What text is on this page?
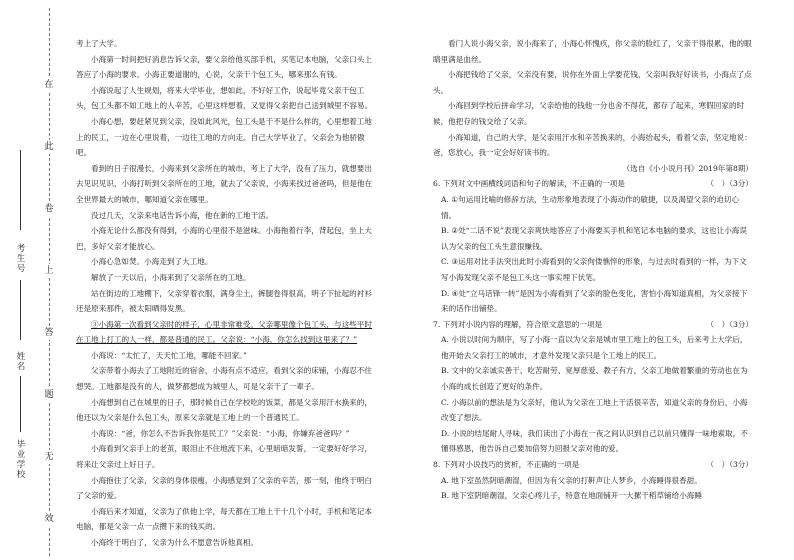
在
此
卷
上
答
题
无
效
考生号
姓名
毕业学校

考上了大学。

小海第一时间把好消息告诉父亲，要父亲给他买部手机，买笔记本电脑，父亲口头上答应了小海的要求。小海正要道谢的，心说，父亲干个包工头，哪来那么有钱。

小海说起了人生规划，将来大学毕业，想如此，不好好工作，说起毕竟父亲干包工头，包工头都不如工地上的人辛苦，心里这样想着，又觉得父亲把自己送到城里不容易。

小海心想，要赶紧见到父亲，没如此风光，包工头是干不是什么样的，心里想着工地上的民工，一边在心里说着，一边往工地的方向走。自己大学毕业了，父亲会为他骄傲吧。

看到的日子很漫长，小海来到父亲所在的城市，考上了大学，没有了压力，就想要出去见识见识，小海打听到父亲所在的工地，就去了父亲说，小海来找过爸爸吗，但是他在全世界最大的城市，哪知道父亲在哪里。

没过几天，父亲来电话告诉小海，他在新的工地干活。

小海无论什么都没有得到，小海的心里很不是滋味。小海拖着行李，背起包，坐上大巴，多好父亲才能放心。

小海心急如焚。小海走到了大工地。

解放了一天以后，小海来到了父亲所在的工地。

站在街边的工地棚下，父亲穿着衣服，满身尘土，裤腿卷得很高，明子下扯起的衬衫还是原来那件，被太阳晒得发黑。

③小海第一次看到父亲时的样子，心里非常难受。父亲哪里像个包工头，与这些平时在工地上打工的人一样，都是普通的民工。父亲说：“小海，你怎么找到这里来了？”

小海说：“太忙了，天天忙工地，哪能不回家。”

父亲带着小海去了工地附近的宿舍，小海有点不适应，看到父亲的床铺，小海忍不住想哭。工地都是没有的人，做梦都想成为城里人，可是父亲干了一辈子。

小海想到自己在城里的日子，那时候自己在学校吃的饭菜，都是父亲用汗水换来的，他还以为父亲是什么包工头，原来父亲就是工地上的一个普通民工。

小海说：“爸，你怎么不告诉我你是民工？”父亲说：“小海，你嫌弃爸爸吗？”

小海看到父亲手上的老茧，眼泪止不住地流下来，心里暗暗发誓，一定要好好学习，将来让父亲过上好日子。

小海抱住了父亲，父亲的身体很瘦，小海感觉到了父亲的辛苦，那一刻，他终于明白了父亲的爱。

小海后来才知道，父亲为了供他上学，每天都在工地上干十几个小时，手机和笔记本电脑，都是父亲一点一点攒下来的钱买的。

小海终于明白了，父亲为什么不愿意告诉他真相。

看门人说小海父亲，说小海来了，小海心怀愧疚，你父亲的脸红了，父亲干得很累，他的眼睛里满是血丝。

小海把钱给了父亲，父亲没有要，说你在外面上学要花钱，父亲叫我好好读书，小海点了点头。

小海回到学校后拼命学习，父亲给他的钱他一分也舍不得花，都存了起来，寒假回家的时候，他把存的钱交给了父亲。

小海知道，自己的大学，是父亲用汗水和辛苦换来的，小海抬起头，看着父亲，坚定地说：爸，您放心，我一定会好好读书的。

（选自《小小说月刊》2019年第8期）

6. 下列对文中画横线词语和句子的解读，不正确的一项是	（　）（3分）

A. ①句运用比喻的修辞方法，生动形象地表现了小海动作的敏捷，以及渴望父亲的迫切心情。

B. ②处“二话不说”表现父亲爽快地答应了小海要买手机和笔记本电脑的要求，这也让小海误认为父亲的包工头生意很赚钱。

C. ③运用对比手法突出此时小海看到的父亲佝偻憔悴的形象，与过去时看到的一样，为下文写小海发现父亲不是包工头这一事实埋下伏笔。

D. ④处“立马话锋一转”是因为小海看到了父亲的脸色变化，害怕小海知道真相，为父亲接下来的话作出铺垫。

7. 下列对小说内容的理解，符合原文意思的一项是	（　）（3分）

A. 小说以时间为顺序，写了小海一直以为父亲是城市里工地上的包工头，后来考上大学后，他开始去父亲打工的城市，才意外发现父亲只是个工地上的民工。

B. 文中的父亲诚实善干、吃苦耐劳、宽厚慈爱、教子有方，父亲工地做着繁重的劳动也在为小海的成长创造了更好的条件。

C. 小海以前的想法是为父亲好，他认为父亲在工地上干活很辛苦，知道父亲的身份后，小海改变了想法。

D. 小说的结尾耐人寻味，我们读出了小海在一夜之间认识到自己以前只懂得一味地索取，不懂得感恩，他告诉自己要加倍努力回报父亲对他的爱。

8. 下列对小说技巧的赏析，不正确的一项是	（　）（3分）

A. 地下室虽然阴暗潮湿，但因为有父亲的打鼾声让人梦乡，小海睡得很香甜。

B. 地下室阴暗潮湿，父亲心疼儿子，特意在地面铺开一大摞干稻草铺给小海睡
